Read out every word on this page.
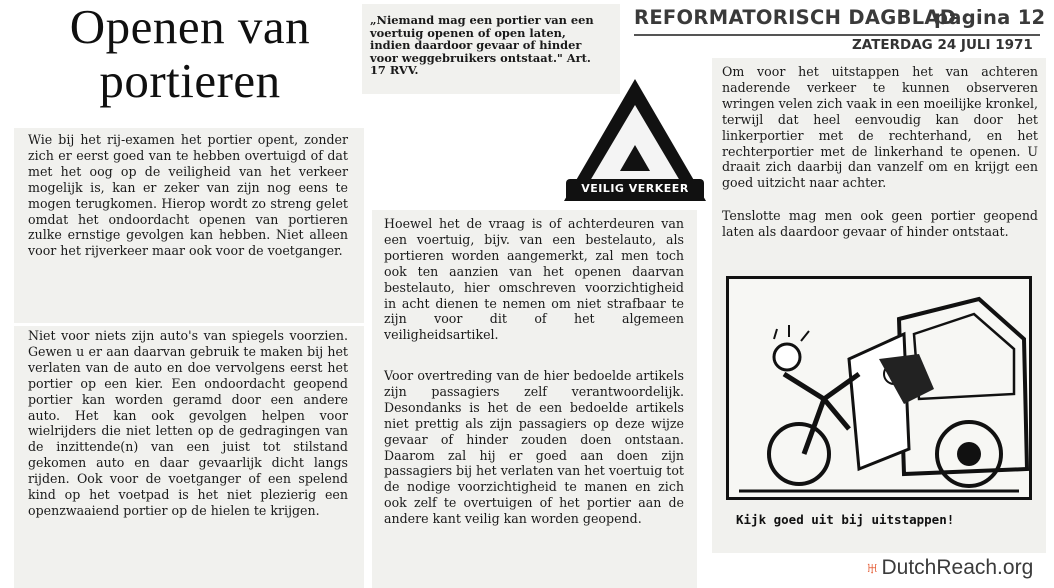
Openen van
portieren

Wie bij het rij-examen het portier opent, zonder zich er eerst goed van te hebben overtuigd of dat met het oog op de veiligheid van het verkeer mogelijk is, kan er zeker van zijn nog eens te mogen terugkomen. Hierop wordt zo streng gelet omdat het ondoordacht openen van portieren zulke ernstige gevolgen kan hebben. Niet alleen voor het rijverkeer maar ook voor de voetganger.

Niet voor niets zijn auto's van spiegels voorzien. Gewen u er aan daarvan gebruik te maken bij het verlaten van de auto en doe vervolgens eerst het portier op een kier. Een ondoordacht geopend portier kan worden geramd door een andere auto. Het kan ook gevolgen helpen voor wielrijders die niet letten op de gedragingen van de inzittende(n) van een juist tot stilstand gekomen auto en daar gevaarlijk dicht langs rijden. Ook voor de voetganger of een spelend kind op het voetpad is het niet plezierig een openzwaaiend portier op de hielen te krijgen.

„Niemand mag een portier van een voertuig openen of open laten, indien daardoor gevaar of hinder voor weggebruikers ontstaat." Art. 17 RVV.

VEILIG VERKEER

Hoewel het de vraag is of achterdeuren van een voertuig, bijv. van een bestelauto, als portieren worden aangemerkt, zal men toch ook ten aanzien van het openen daarvan bestelauto, hier omschreven voorzichtigheid in acht dienen te nemen om niet strafbaar te zijn voor dit of het algemeen veiligheidsartikel.

Voor overtreding van de hier bedoelde artikels zijn passagiers zelf verantwoordelijk. Desondanks is het de een bedoelde artikels niet prettig als zijn passagiers op deze wijze gevaar of hinder zouden doen ontstaan. Daarom zal hij er goed aan doen zijn passagiers bij het verlaten van het voertuig tot de nodige voorzichtigheid te manen en zich ook zelf te overtuigen of het portier aan de andere kant veilig kan worden geopend.

REFORMATORISCH DAGBLAD
pagina 12
ZATERDAG 24 JULI 1971

Om voor het uitstappen het van achteren naderende verkeer te kunnen observeren wringen velen zich vaak in een moeilijke kronkel, terwijl dat heel eenvoudig kan door het linkerportier met de rechterhand, en het rechterportier met de linkerhand te openen. U draait zich daarbij dan vanzelf om en krijgt een goed uitzicht naar achter.

Tenslotte mag men ook geen portier geopend laten als daardoor gevaar of hinder ontstaat.

Kijk goed uit bij uitstappen!
♅DutchReach.org
